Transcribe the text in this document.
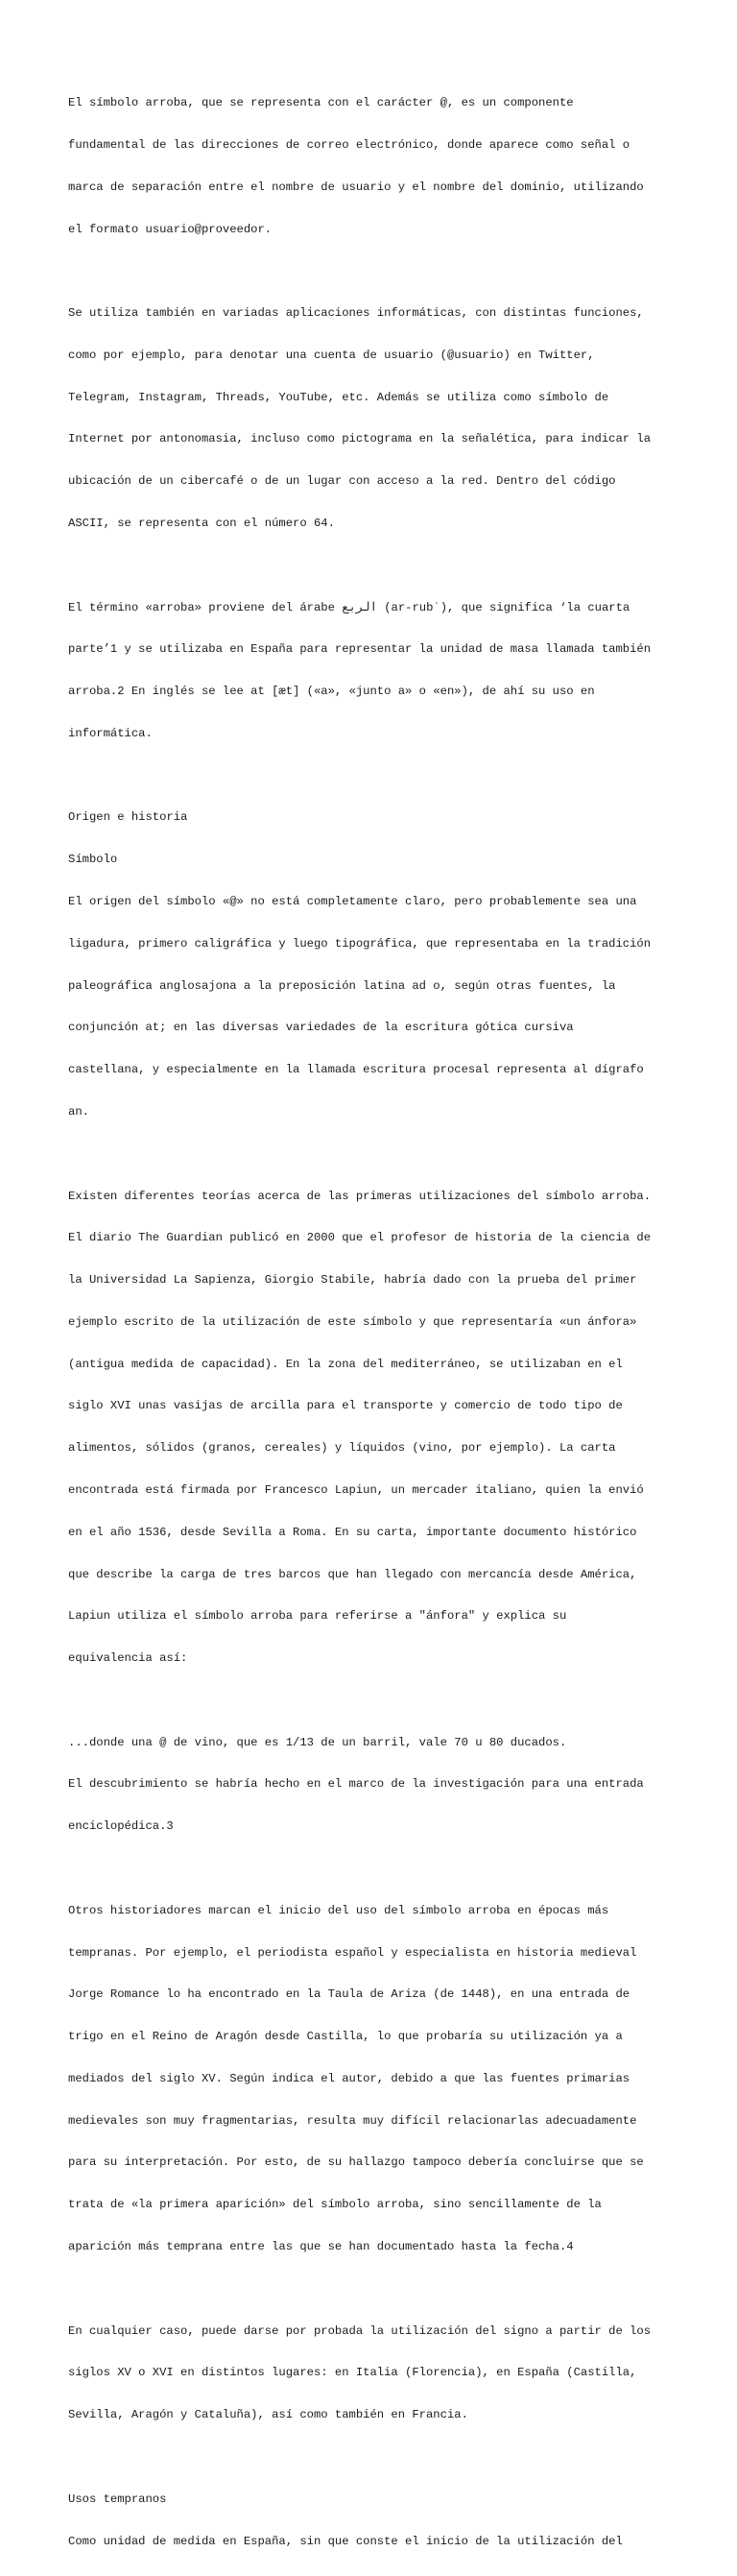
El símbolo arroba, que se representa con el carácter @, es un componente

fundamental de las direcciones de correo electrónico, donde aparece como señal o

marca de separación entre el nombre de usuario y el nombre del dominio, utilizando

el formato usuario@proveedor.

Se utiliza también en variadas aplicaciones informáticas, con distintas funciones,

como por ejemplo, para denotar una cuenta de usuario (@usuario) en Twitter,

Telegram, Instagram, Threads, YouTube, etc. Además se utiliza como símbolo de

Internet por antonomasia, incluso como pictograma en la señalética, para indicar la

ubicación de un cibercafé o de un lugar con acceso a la red. Dentro del código

ASCII, se representa con el número 64.

El término «arroba» proviene del árabe الربع (ar-rubʿ), que significa ‘la cuarta

parte’1 y se utilizaba en España para representar la unidad de masa llamada también

arroba.2 En inglés se lee at [æt] («a», «junto a» o «en»), de ahí su uso en

informática.

Origen e historia

Símbolo

El origen del símbolo «@» no está completamente claro, pero probablemente sea una

ligadura, primero caligráfica y luego tipográfica, que representaba en la tradición

paleográfica anglosajona a la preposición latina ad o, según otras fuentes, la

conjunción at; en las diversas variedades de la escritura gótica cursiva

castellana, y especialmente en la llamada escritura procesal representa al dígrafo

an.

Existen diferentes teorías acerca de las primeras utilizaciones del símbolo arroba.

El diario The Guardian publicó en 2000 que el profesor de historia de la ciencia de

la Universidad La Sapienza, Giorgio Stabile, habría dado con la prueba del primer

ejemplo escrito de la utilización de este símbolo y que representaría «un ánfora»

(antigua medida de capacidad). En la zona del mediterráneo, se utilizaban en el

siglo XVI unas vasijas de arcilla para el transporte y comercio de todo tipo de

alimentos, sólidos (granos, cereales) y líquidos (vino, por ejemplo). La carta

encontrada está firmada por Francesco Lapiun, un mercader italiano, quien la envió

en el año 1536, desde Sevilla a Roma. En su carta, importante documento histórico

que describe la carga de tres barcos que han llegado con mercancía desde América,

Lapiun utiliza el símbolo arroba para referirse a "ánfora" y explica su

equivalencia así:

...donde una @ de vino, que es 1/13 de un barril, vale 70 u 80 ducados.

El descubrimiento se habría hecho en el marco de la investigación para una entrada

enciclopédica.3

Otros historiadores marcan el inicio del uso del símbolo arroba en épocas más

tempranas. Por ejemplo, el periodista español y especialista en historia medieval

Jorge Romance lo ha encontrado en la Taula de Ariza (de 1448), en una entrada de

trigo en el Reino de Aragón desde Castilla, lo que probaría su utilización ya a

mediados del siglo XV. Según indica el autor, debido a que las fuentes primarias

medievales son muy fragmentarias, resulta muy difícil relacionarlas adecuadamente

para su interpretación. Por esto, de su hallazgo tampoco debería concluirse que se

trata de «la primera aparición» del símbolo arroba, sino sencillamente de la

aparición más temprana entre las que se han documentado hasta la fecha.4

En cualquier caso, puede darse por probada la utilización del signo a partir de los

siglos XV o XVI en distintos lugares: en Italia (Florencia), en España (Castilla,

Sevilla, Aragón y Cataluña), así como también en Francia.

Usos tempranos

Como unidad de medida en España, sin que conste el inicio de la utilización del
